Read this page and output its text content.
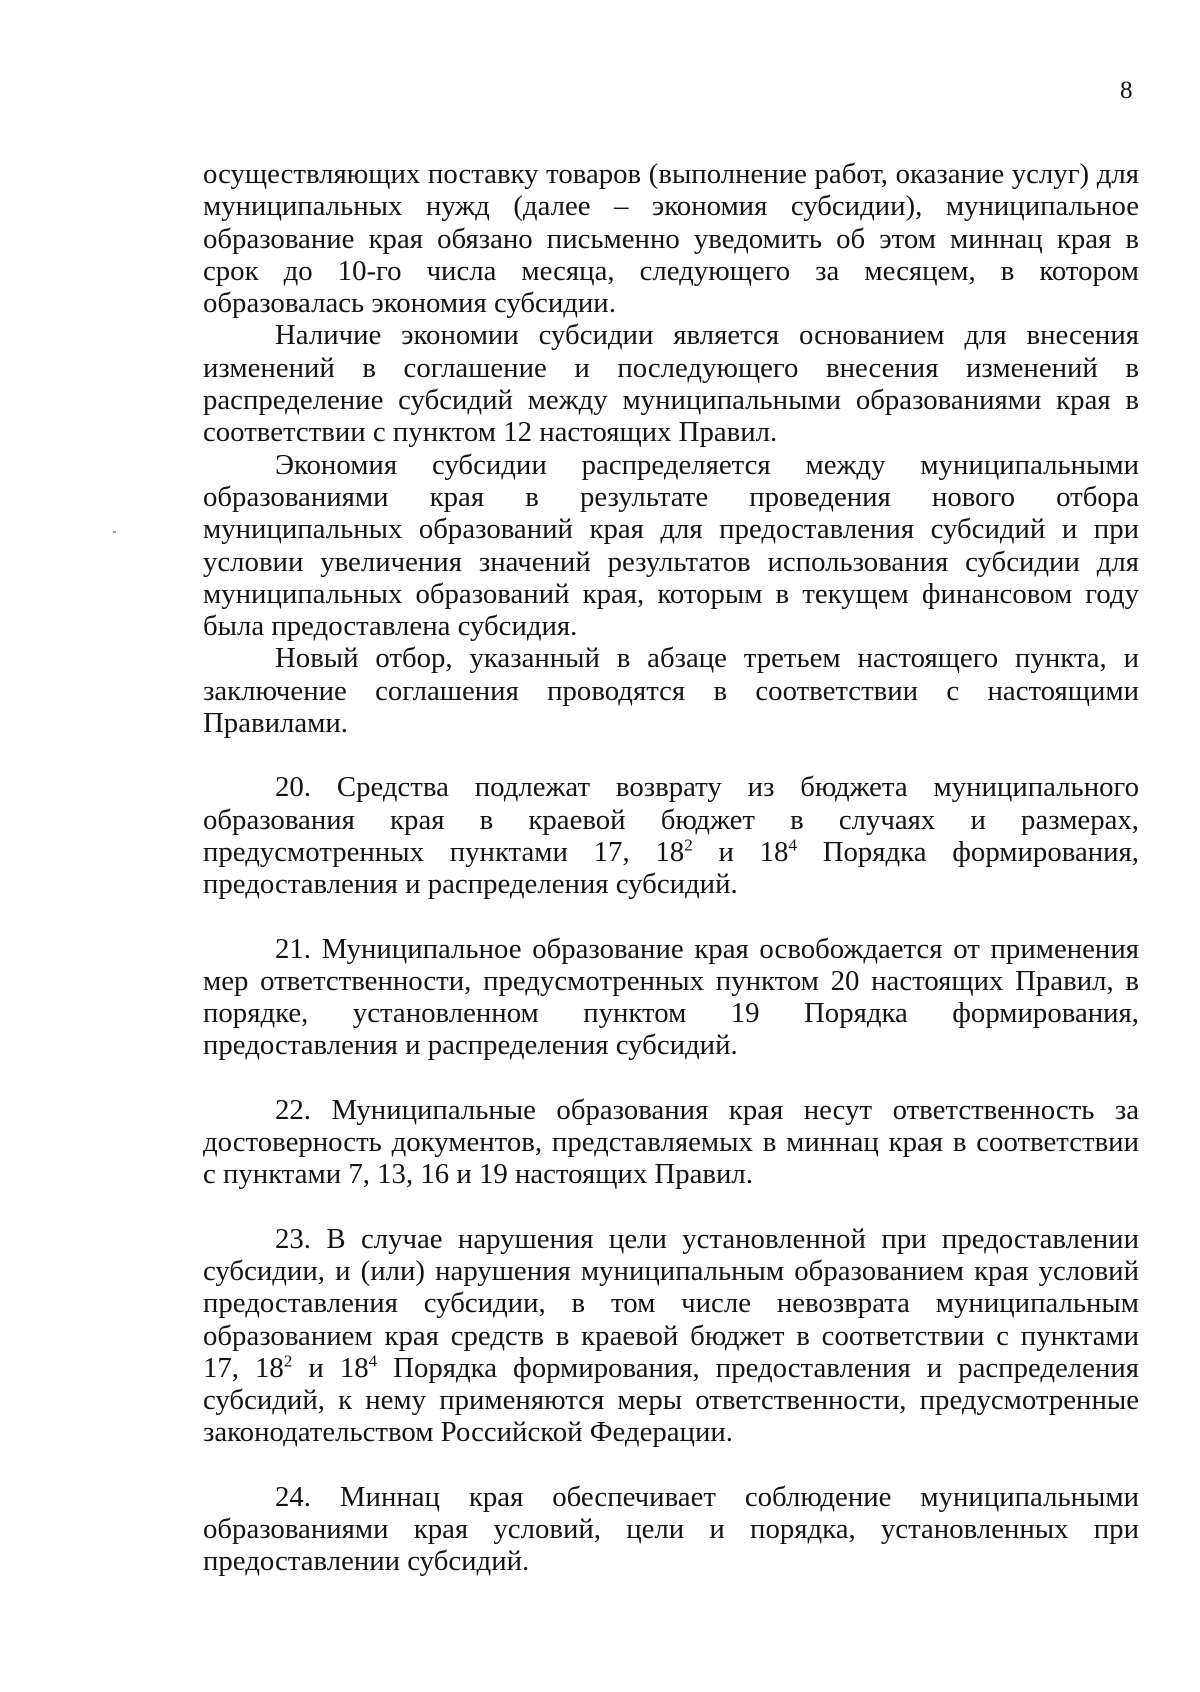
8

осуществляющих поставку товаров (выполнение работ, оказание услуг) для муниципальных нужд (далее – экономия субсидии), муниципальное образование края обязано письменно уведомить об этом миннац края в срок до 10-го числа месяца, следующего за месяцем, в котором образовалась экономия субсидии.

Наличие экономии субсидии является основанием для внесения изменений в соглашение и последующего внесения изменений в распределение субсидий между муниципальными образованиями края в соответствии с пунктом 12 настоящих Правил.

Экономия субсидии распределяется между муниципальными образованиями края в результате проведения нового отбора муниципальных образований края для предоставления субсидий и при условии увеличения значений результатов использования субсидии для муниципальных образований края, которым в текущем финансовом году была предоставлена субсидия.

Новый отбор, указанный в абзаце третьем настоящего пункта, и заключение соглашения проводятся в соответствии с настоящими Правилами.

20. Средства подлежат возврату из бюджета муниципального образования края в краевой бюджет в случаях и размерах, предусмотренных пунктами 17, $18^2$ и $18^4$ Порядка формирования, предоставления и распределения субсидий.

21. Муниципальное образование края освобождается от применения мер ответственности, предусмотренных пунктом 20 настоящих Правил, в порядке, установленном пунктом 19 Порядка формирования, предоставления и распределения субсидий.

22. Муниципальные образования края несут ответственность за достоверность документов, представляемых в миннац края в соответствии с пунктами 7, 13, 16 и 19 настоящих Правил.

23. В случае нарушения цели установленной при предоставлении субсидии, и (или) нарушения муниципальным образованием края условий предоставления субсидии, в том числе невозврата муниципальным образованием края средств в краевой бюджет в соответствии с пунктами 17, $18^2$ и $18^4$ Порядка формирования, предоставления и распределения субсидий, к нему применяются меры ответственности, предусмотренные законодательством Российской Федерации.

24. Миннац края обеспечивает соблюдение муниципальными образованиями края условий, цели и порядка, установленных при предоставлении субсидий.
